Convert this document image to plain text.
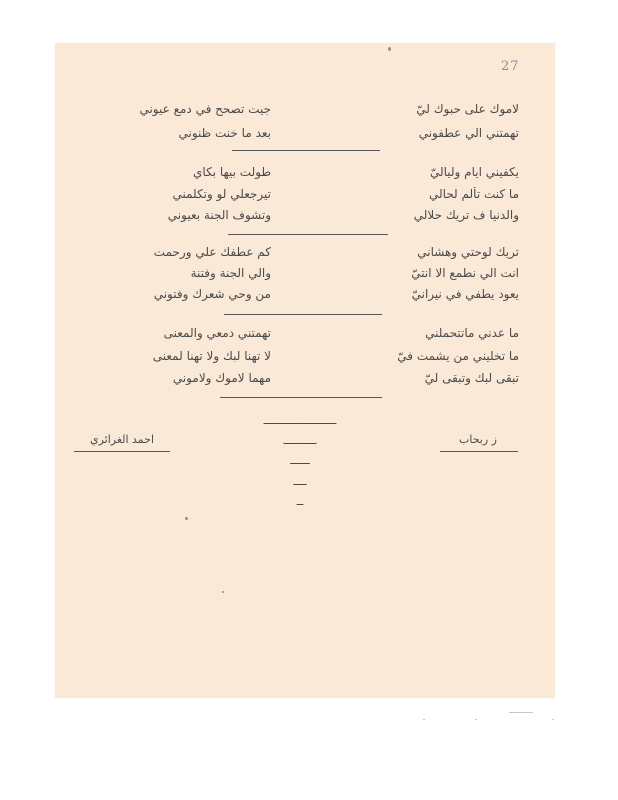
27
لاموك على حبوك ليّ
جيت تصحح في دمع عيوني
تهمتني الي عطفوني
بعد ما خنت ظنوني
يكفيني ايام ولياليّ
طولت بيها بكاي
ما كنت تألم لحالي
تيرجعلي لو وتكلمني
والدنيا ف تريك حلالي
وتشوف الجنة بعيوني
تريك لوحتي وهشاني
كم عطفك علي ورحمت
انت الي نطمع الا انتيّ
والي الجنة وفتنة
يعود يطفي في نيرانيّ
من وحي شعرك وفتوني
ما عدني ماتتحملني
تهمتني دمعي والمعنى
ما تخليني من يشمت فيّ
لا تهنا لبك ولا تهنا لمعنى
تبقى لبك وتبقى ليّ
مهما لاموك ولاموني
ز ربحاب
احمد الغرائري
ـــــــــــ
ـــــ
ـــ
ــ
ـ
